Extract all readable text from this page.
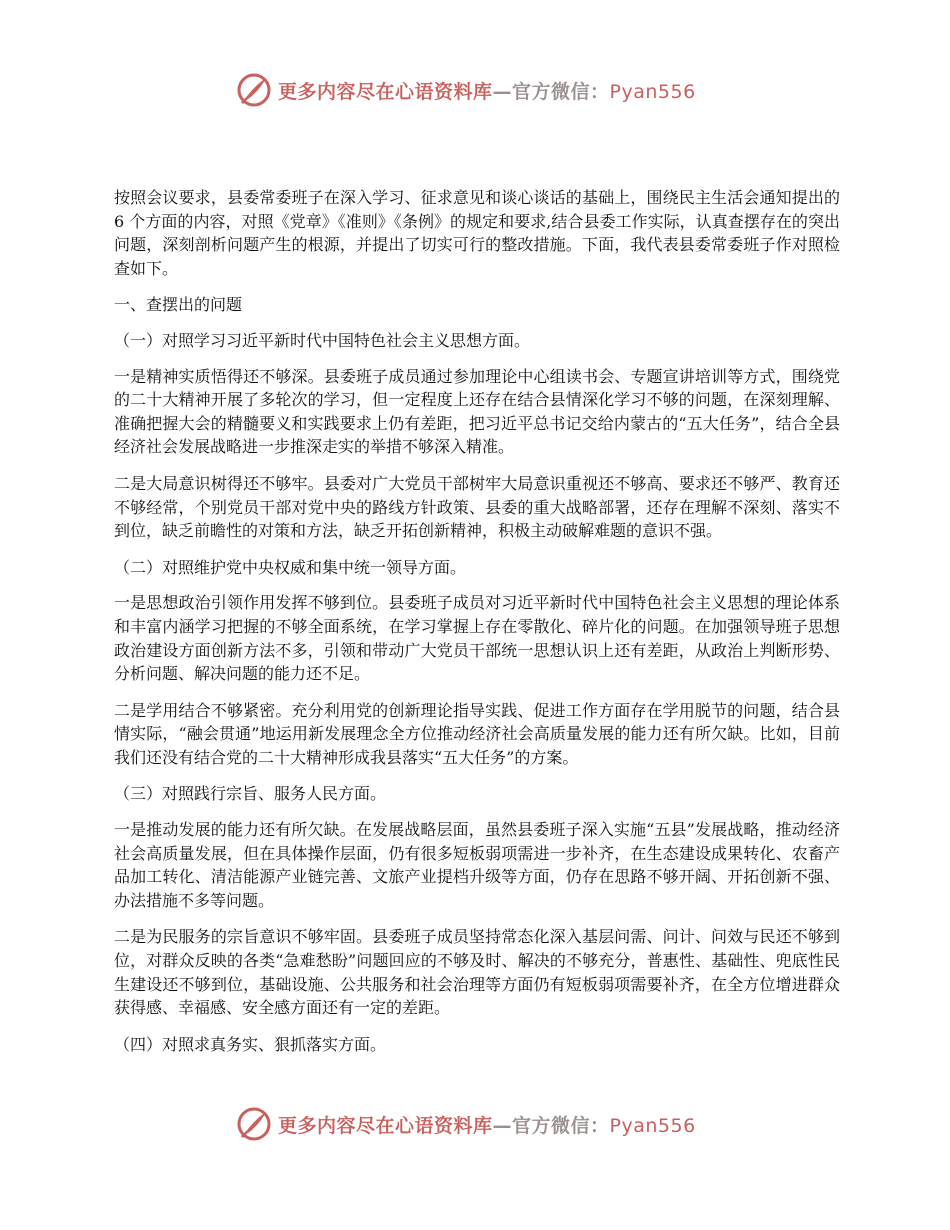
更多内容尽在心语资料库—官方微信：Pyan556

按照会议要求，县委常委班子在深入学习、征求意见和谈心谈话的基础上，围绕民主生活会通知提出的 6 个方面的内容，对照《党章》《准则》《条例》的规定和要求,结合县委工作实际，认真查摆存在的突出问题，深刻剖析问题产生的根源，并提出了切实可行的整改措施。下面，我代表县委常委班子作对照检查如下。

一、查摆出的问题

（一）对照学习习近平新时代中国特色社会主义思想方面。

一是精神实质悟得还不够深。县委班子成员通过参加理论中心组读书会、专题宣讲培训等方式，围绕党的二十大精神开展了多轮次的学习，但一定程度上还存在结合县情深化学习不够的问题，在深刻理解、准确把握大会的精髓要义和实践要求上仍有差距，把习近平总书记交给内蒙古的“五大任务”，结合全县经济社会发展战略进一步推深走实的举措不够深入精准。

二是大局意识树得还不够牢。县委对广大党员干部树牢大局意识重视还不够高、要求还不够严、教育还不够经常，个别党员干部对党中央的路线方针政策、县委的重大战略部署，还存在理解不深刻、落实不到位，缺乏前瞻性的对策和方法，缺乏开拓创新精神，积极主动破解难题的意识不强。

（二）对照维护党中央权威和集中统一领导方面。

一是思想政治引领作用发挥不够到位。县委班子成员对习近平新时代中国特色社会主义思想的理论体系和丰富内涵学习把握的不够全面系统，在学习掌握上存在零散化、碎片化的问题。在加强领导班子思想政治建设方面创新方法不多，引领和带动广大党员干部统一思想认识上还有差距，从政治上判断形势、分析问题、解决问题的能力还不足。

二是学用结合不够紧密。充分利用党的创新理论指导实践、促进工作方面存在学用脱节的问题，结合县情实际，“融会贯通”地运用新发展理念全方位推动经济社会高质量发展的能力还有所欠缺。比如，目前我们还没有结合党的二十大精神形成我县落实“五大任务”的方案。

（三）对照践行宗旨、服务人民方面。

一是推动发展的能力还有所欠缺。在发展战略层面，虽然县委班子深入实施“五县”发展战略，推动经济社会高质量发展，但在具体操作层面，仍有很多短板弱项需进一步补齐，在生态建设成果转化、农畜产品加工转化、清洁能源产业链完善、文旅产业提档升级等方面，仍存在思路不够开阔、开拓创新不强、办法措施不多等问题。

二是为民服务的宗旨意识不够牢固。县委班子成员坚持常态化深入基层问需、问计、问效与民还不够到位，对群众反映的各类“急难愁盼”问题回应的不够及时、解决的不够充分，普惠性、基础性、兜底性民生建设还不够到位，基础设施、公共服务和社会治理等方面仍有短板弱项需要补齐，在全方位增进群众获得感、幸福感、安全感方面还有一定的差距。

（四）对照求真务实、狠抓落实方面。

更多内容尽在心语资料库—官方微信：Pyan556
